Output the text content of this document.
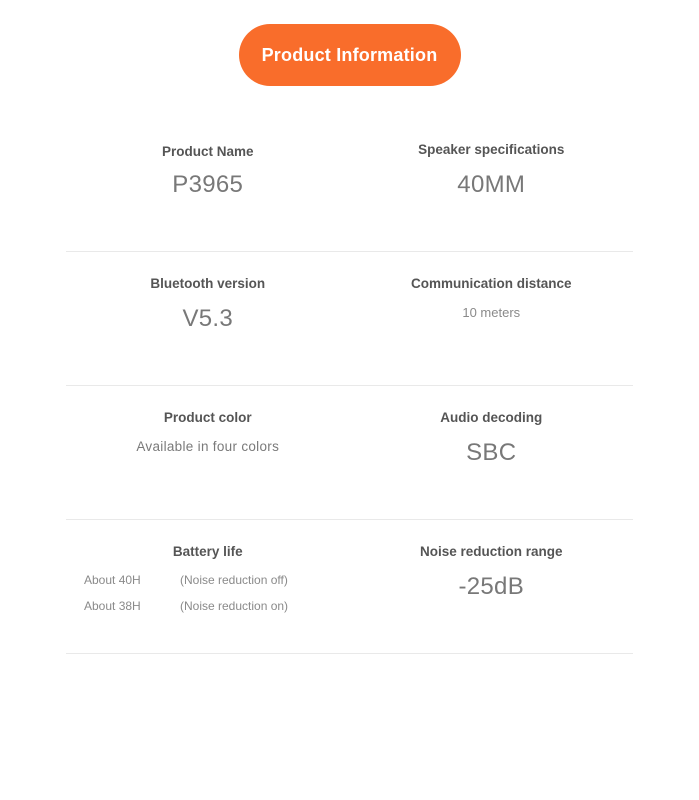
Product Information
Product Name
P3965
Speaker specifications
40MM
Bluetooth version
V5.3
Communication distance
10 meters
Product color
Available in four colors
Audio decoding
SBC
Battery life
About 40H	(Noise reduction off)
About 38H	(Noise reduction on)
Noise reduction range
-25dB
